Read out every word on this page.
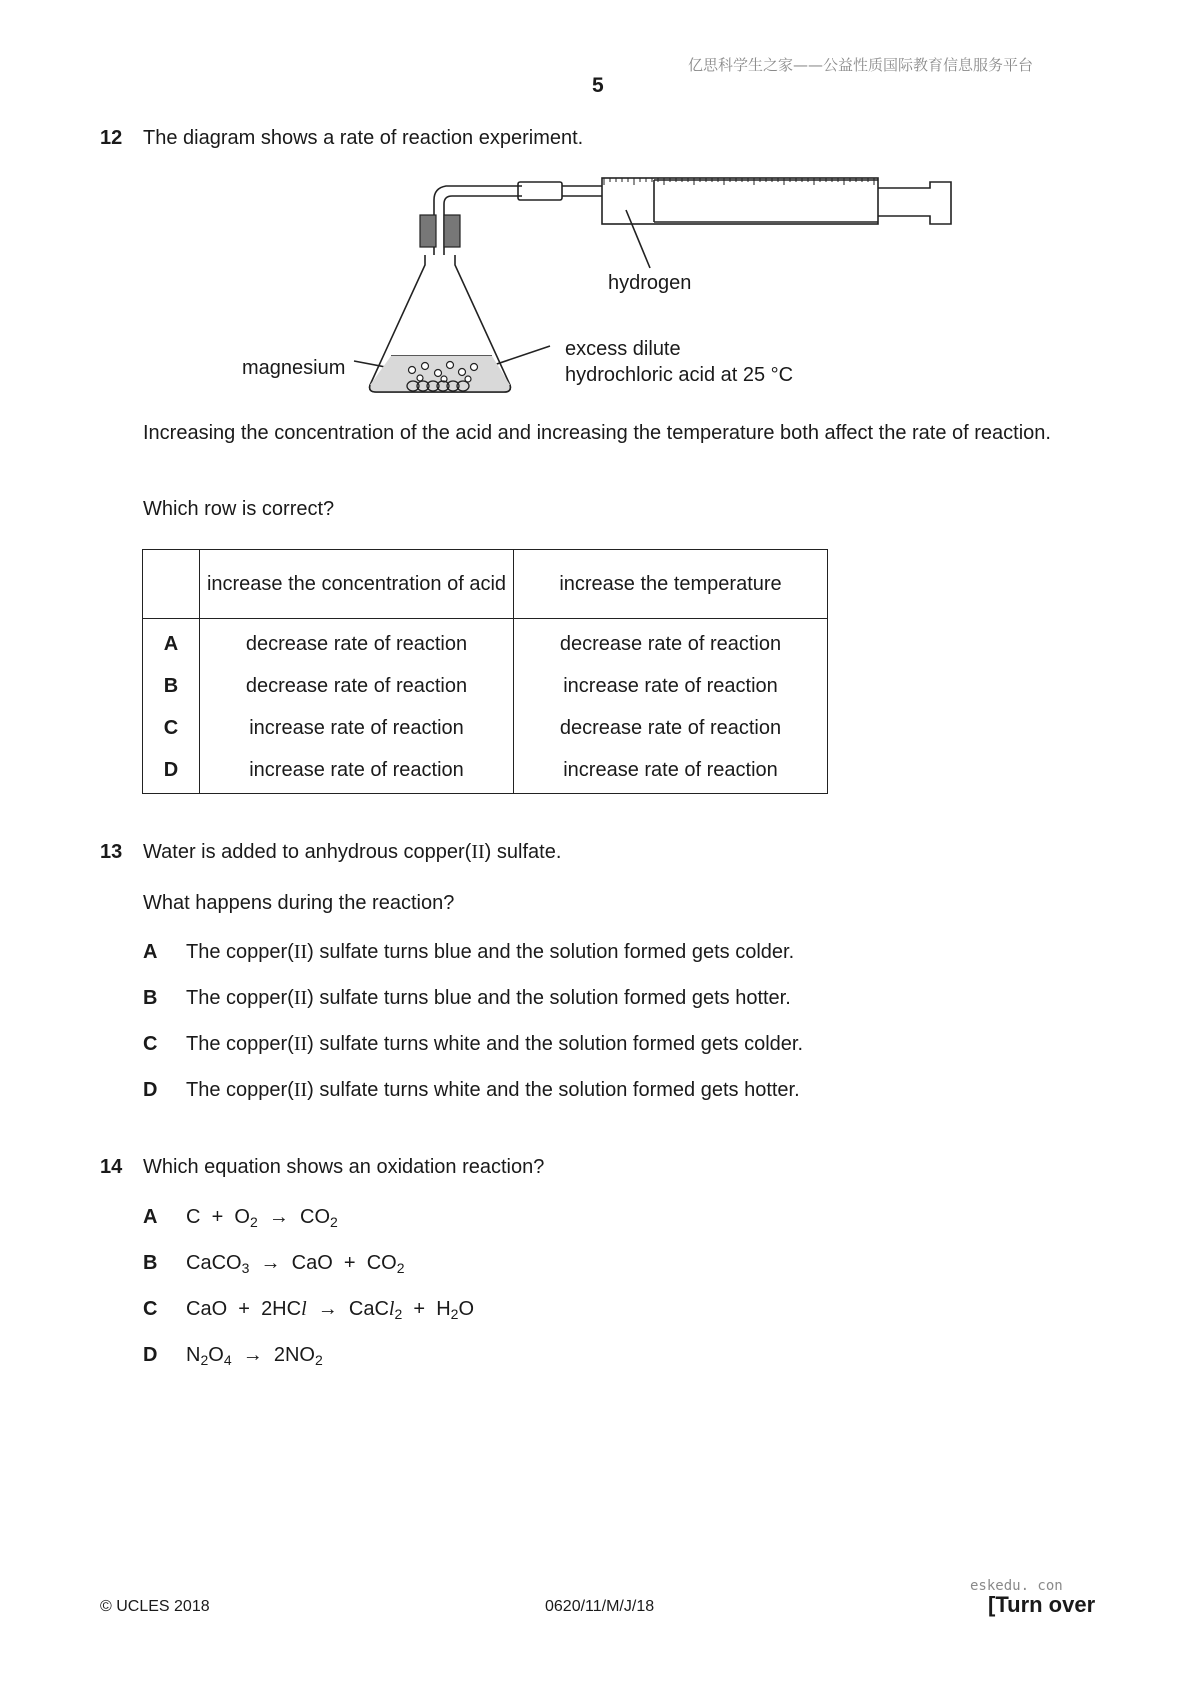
亿思科学生之家——公益性质国际教育信息服务平台
5
12 The diagram shows a rate of reaction experiment.
hydrogen
magnesium
excess dilute
hydrochloric acid at 25 °C
Increasing the concentration of the acid and increasing the temperature both affect the rate of reaction.
Which row is correct?
	increase the concentration of acid	increase the temperature
A	decrease rate of reaction	decrease rate of reaction
B	decrease rate of reaction	increase rate of reaction
C	increase rate of reaction	decrease rate of reaction
D	increase rate of reaction	increase rate of reaction
13 Water is added to anhydrous copper(II) sulfate.
What happens during the reaction?
A The copper(II) sulfate turns blue and the solution formed gets colder.
B The copper(II) sulfate turns blue and the solution formed gets hotter.
C The copper(II) sulfate turns white and the solution formed gets colder.
D The copper(II) sulfate turns white and the solution formed gets hotter.
14 Which equation shows an oxidation reaction?
A $C + O_2 \to CO_2$
B CaCO$_3$ → CaO + $CO_2$
C CaO + 2HCl → CaCl$_2$ + $H_2O$
D $N_2O_4 \to 2NO_2$
eskedu. con
© UCLES 2018	0620/11/M/J/18	[Turn over
